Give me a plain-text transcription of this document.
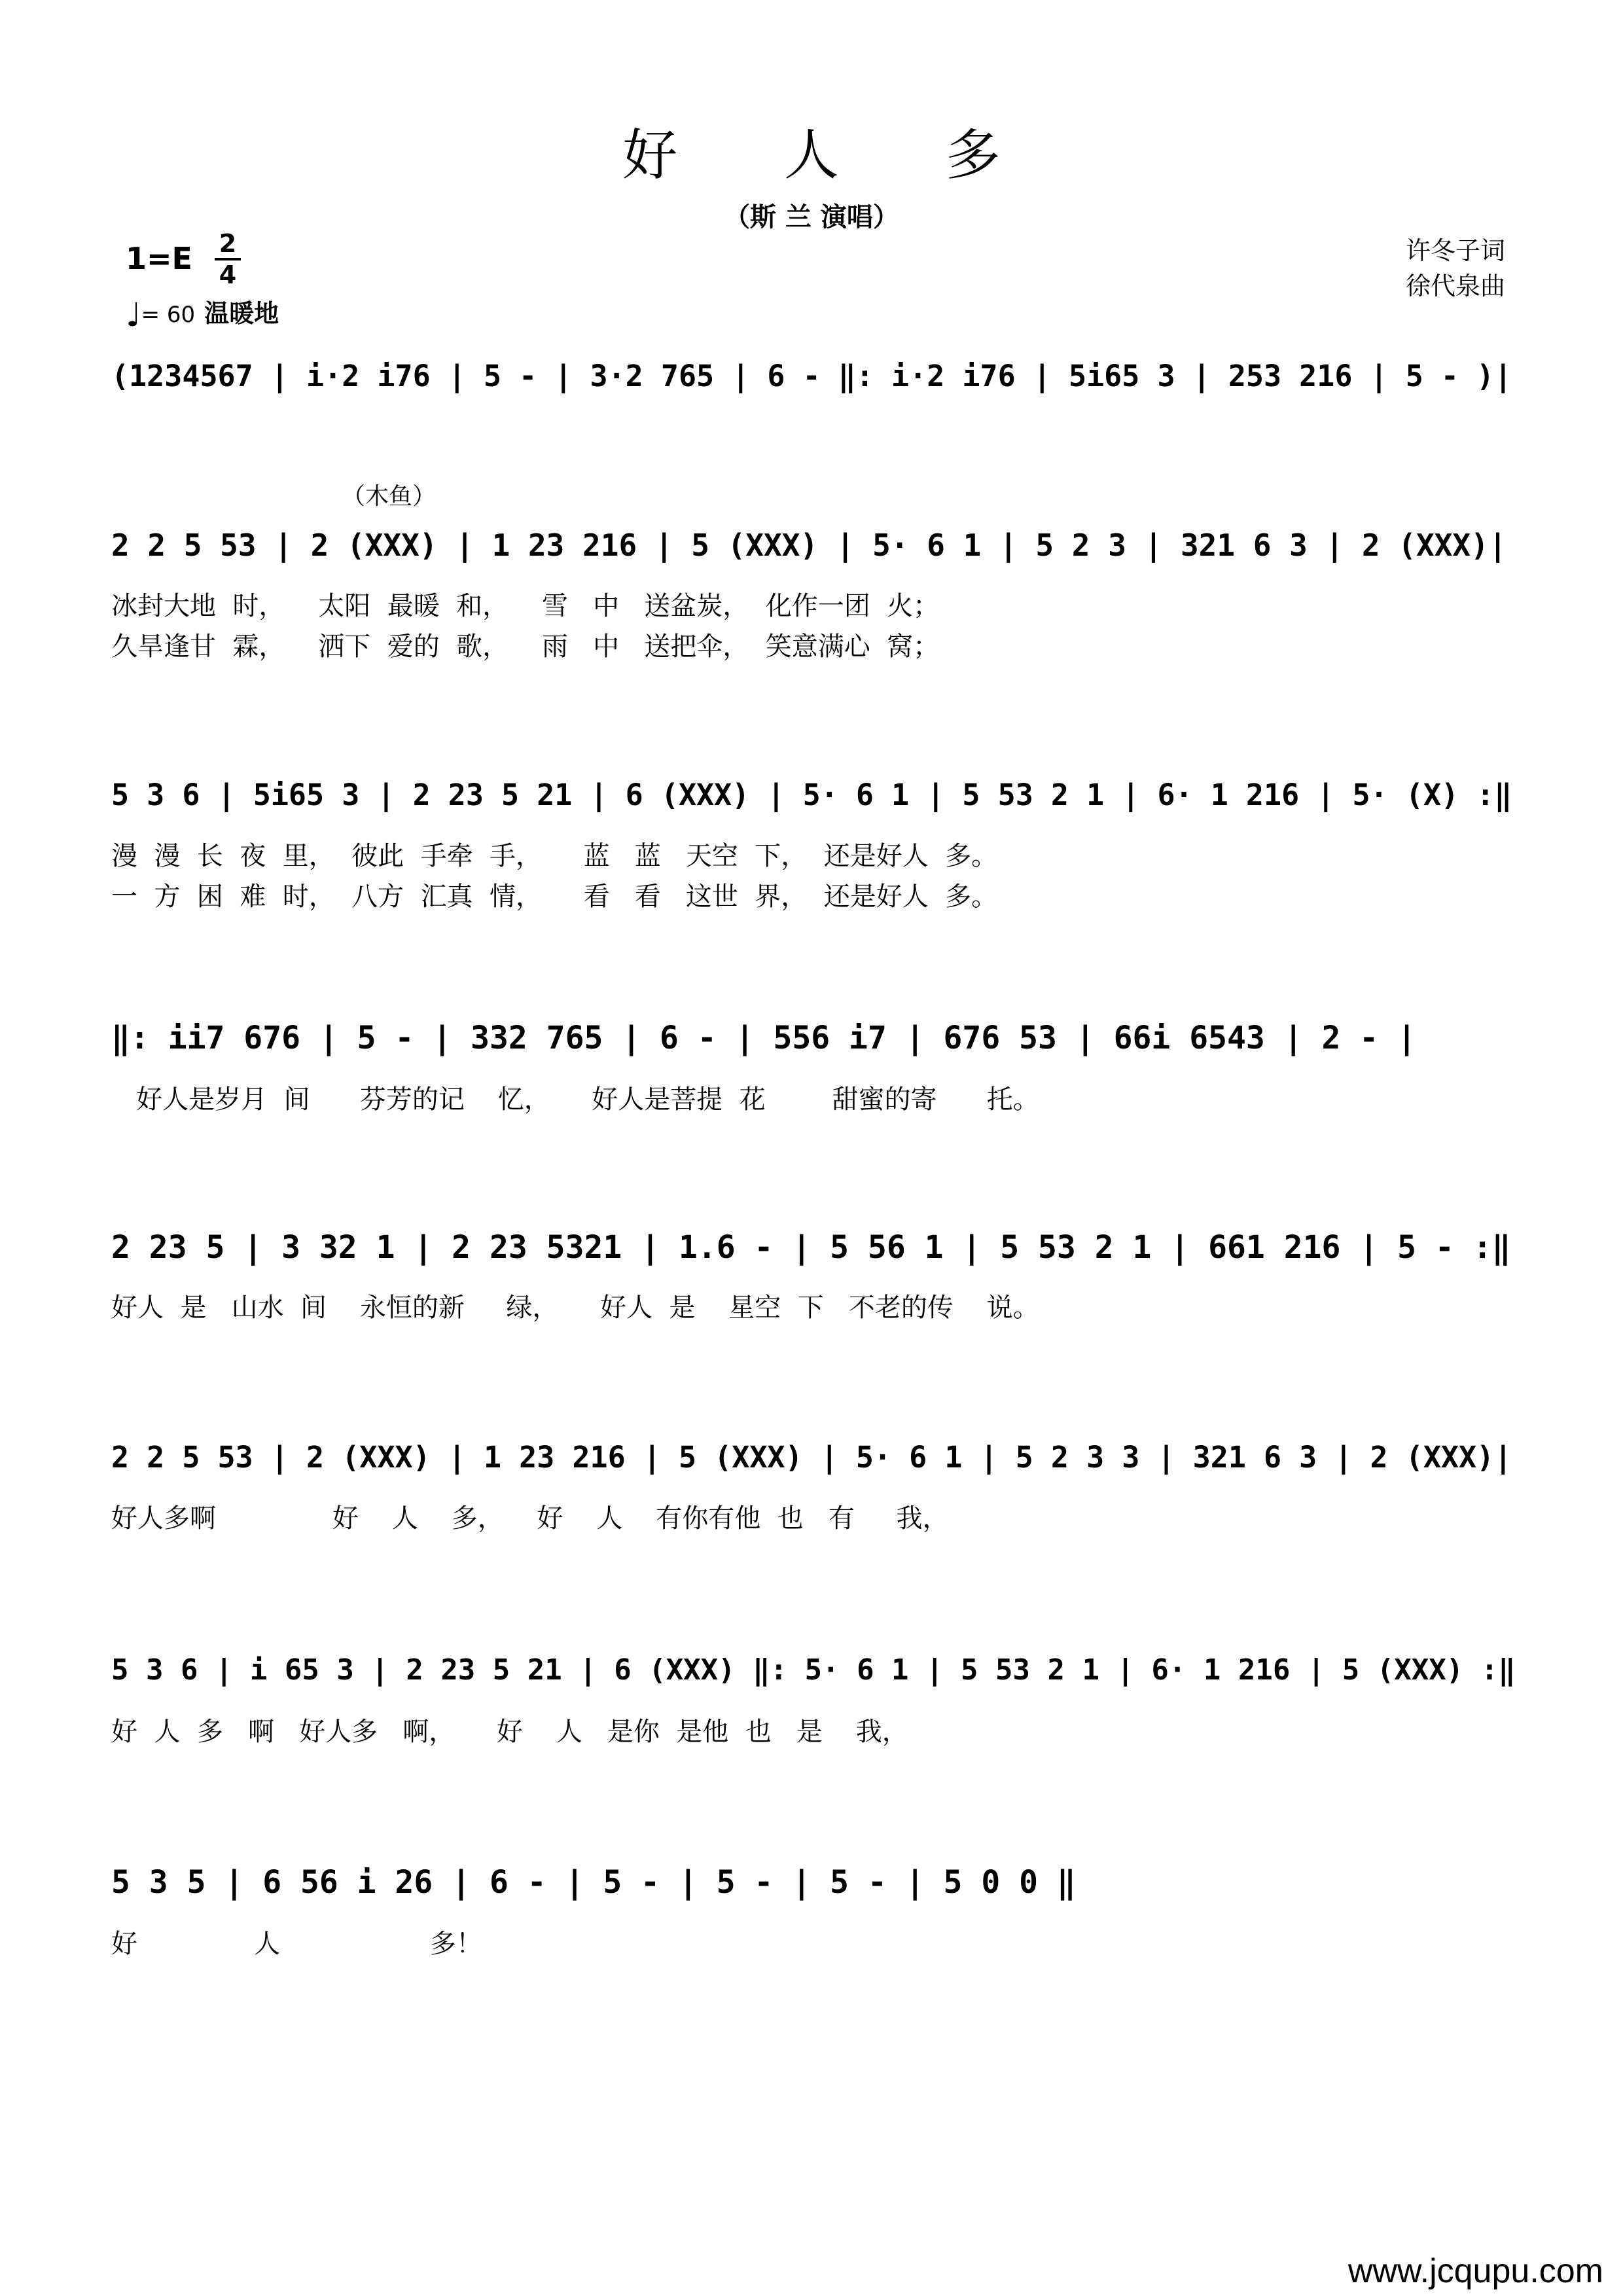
好 人 多
（斯 兰 演唱）
许冬子词
徐代泉曲
1=E 2
4
♩= 60 温暖地
（木鱼）
(1234567 | i·2 i76 | 5 - | 3·2 765 | 6 - ‖: i·2 i76 | 5i65 3 | 253 216 | 5 - )|
2 2 5 53 | 2 (XXX) | 1 23 216 | 5 (XXX) | 5· 6 1 | 5 2 3 | 321 6 3 | 2 (XXX)|
冰封大地  时，    太阳  最暖  和，    雪   中   送盆炭，  化作一团  火；
久旱逢甘  霖，    洒下  爱的  歌，    雨   中   送把伞，  笑意满心  窝；
5 3 6 | 5i65 3 | 2 23 5 21 | 6 (XXX) | 5· 6 1 | 5 53 2 1 | 6· 1 216 | 5· (X) :‖
漫  漫  长  夜  里，  彼此  手牵  手，     蓝   蓝   天空  下，  还是好人  多。
一  方  困  难  时，  八方  汇真  情，     看   看   这世  界，  还是好人  多。
‖: ii7 676 | 5 - | 332 765 | 6 - | 556 i7 | 676 53 | 66i 6543 | 2 - |
好人是岁月  间      芬芳的记    忆，     好人是菩提  花        甜蜜的寄      托。
2 23 5 | 3 32 1 | 2 23 5321 | 1.6 - | 5 56 1 | 5 53 2 1 | 661 216 | 5 - :‖
好人  是   山水  间    永恒的新     绿，     好人  是    星空  下   不老的传    说。
2 2 5 53 | 2 (XXX) | 1 23 216 | 5 (XXX) | 5· 6 1 | 5 2 3 3 | 321 6 3 | 2 (XXX)|
好人多啊              好    人    多，    好    人    有你有他  也   有     我，
5 3 6 | i 65 3 | 2 23 5 21 | 6 (XXX) ‖: 5· 6 1 | 5 53 2 1 | 6· 1 216 | 5 (XXX) :‖
好  人  多   啊   好人多   啊，     好    人   是你  是他  也   是    我，
5 3 5 | 6 56 i 26 | 6 - | 5 - | 5 - | 5 - | 5 0 0 ‖
好              人                  多！
www.jcqupu.com
